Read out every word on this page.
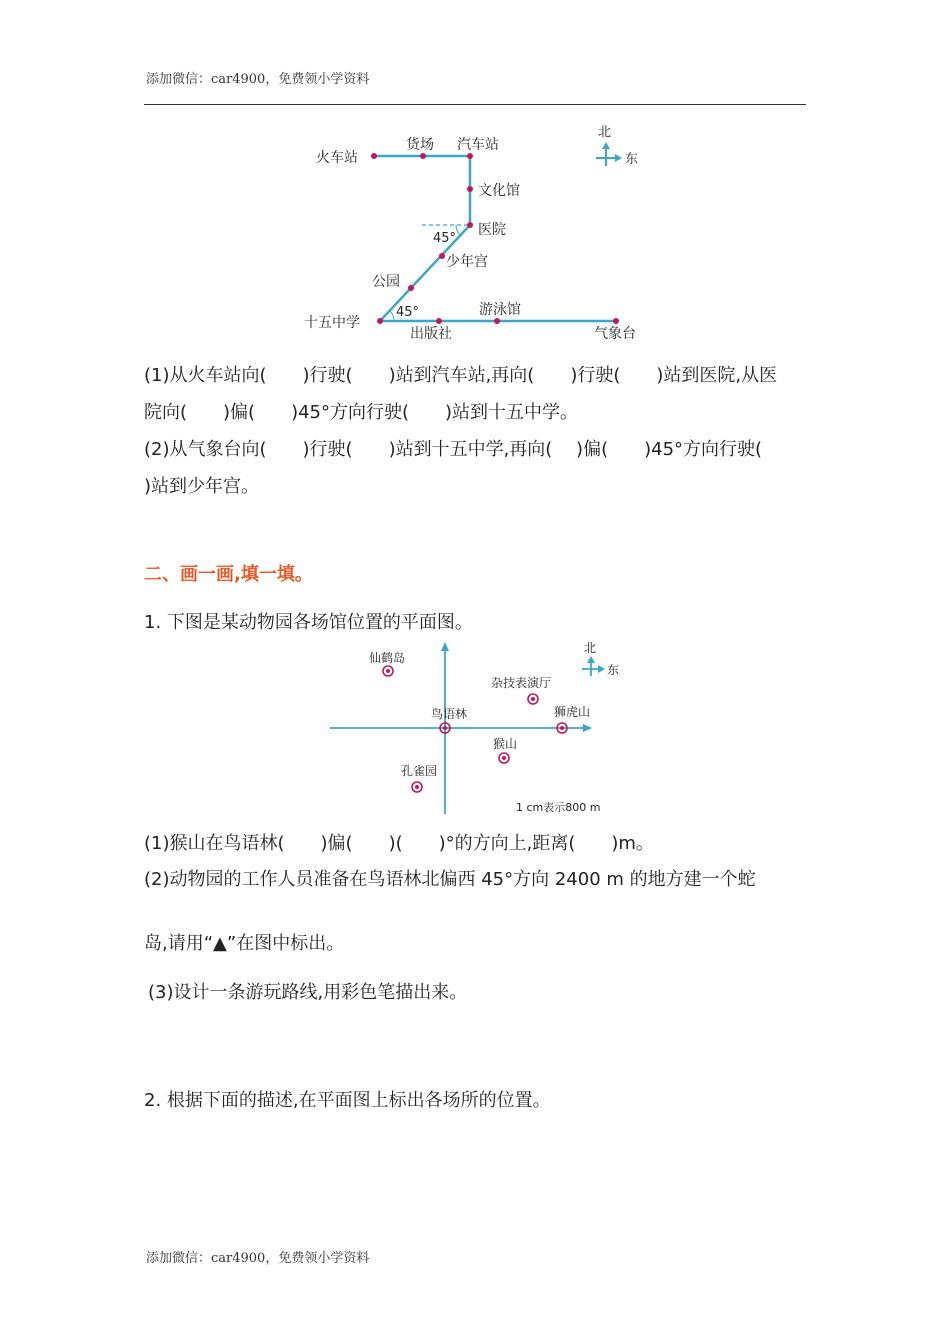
添加微信：car4900，免费领小学资料
火车站
货场 汽车站
文化馆
医院
少年宫
公园
十五中学
出版社
游泳馆
气象台
45°
45°
北
东
(1)从火车站向(　　)行驶(　　)站到汽车站,再向(　　)行驶(　　)站到医院,从医
院向(　　)偏(　　)45°方向行驶(　　)站到十五中学。
(2)从气象台向(　　)行驶(　　)站到十五中学,再向(　 )偏(　　)45°方向行驶(
)站到少年宫。
二、画一画,填一填。
1. 下图是某动物园各场馆位置的平面图。
仙鹤岛
杂技表演厅
鸟语林	狮虎山
猴山
孔雀园
1 cm表示800 m
北
东
(1)猴山在鸟语林(　　)偏(　　)(　　)°的方向上,距离(　　)m。
(2)动物园的工作人员准备在鸟语林北偏西 45°方向 2400 m 的地方建一个蛇
岛,请用“▲”在图中标出。
(3)设计一条游玩路线,用彩色笔描出来。
2. 根据下面的描述,在平面图上标出各场所的位置。
添加微信：car4900，免费领小学资料
